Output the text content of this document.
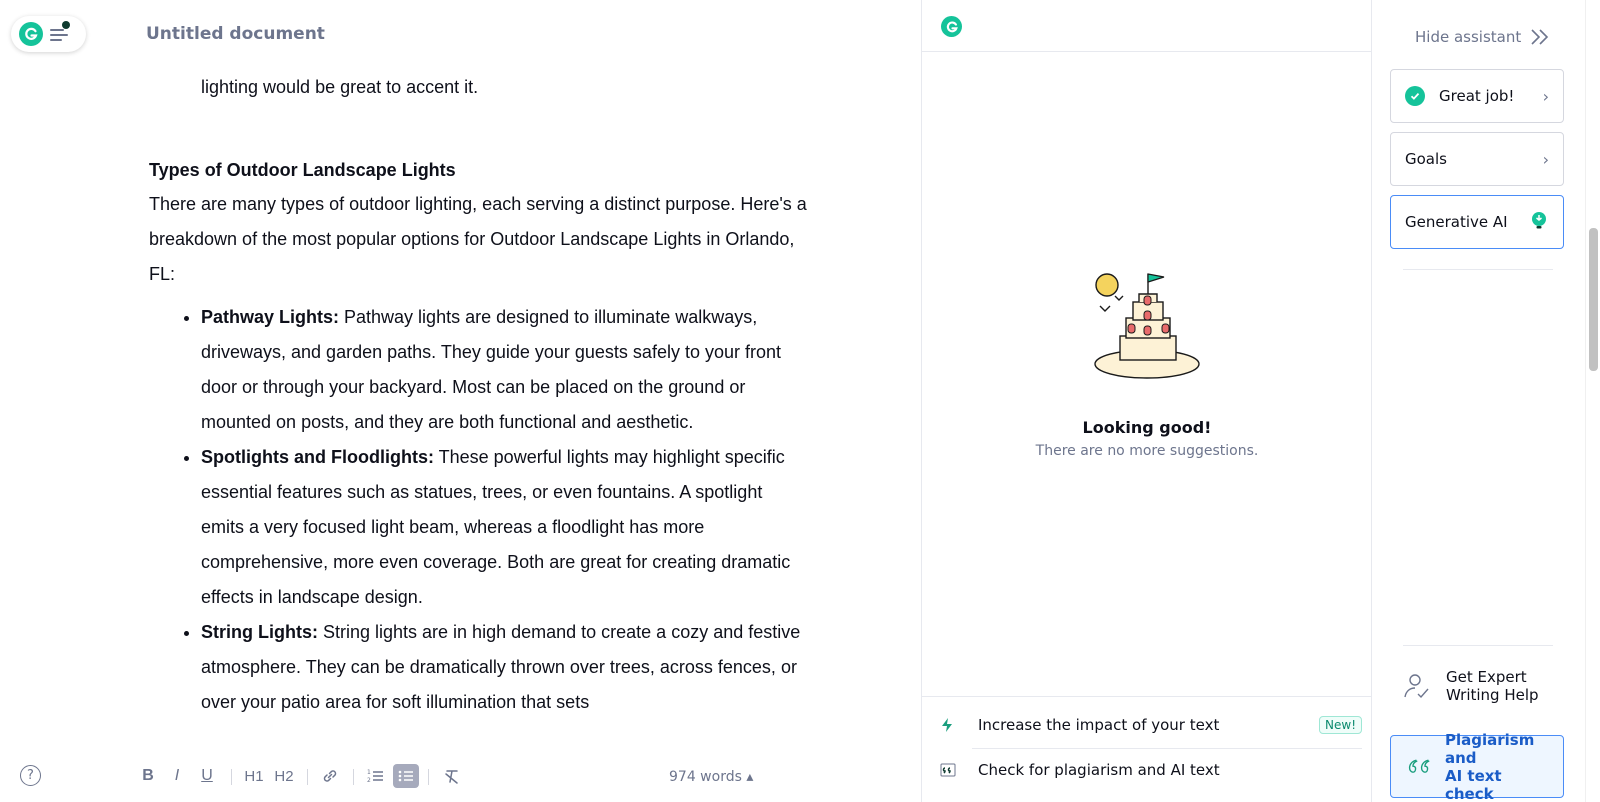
Untitled document

lighting would be great to accent it.

Types of Outdoor Landscape Lights

There are many types of outdoor lighting, each serving a distinct purpose. Here's a breakdown of the most popular options for Outdoor Landscape Lights in Orlando, FL:

• Pathway Lights: Pathway lights are designed to illuminate walkways, driveways, and garden paths. They guide your guests safely to your front door or through your backyard. Most can be placed on the ground or mounted on posts, and they are both functional and aesthetic.
• Spotlights and Floodlights: These powerful lights may highlight specific essential features such as statues, trees, or even fountains. A spotlight emits a very focused light beam, whereas a floodlight has more comprehensive, more even coverage. Both are great for creating dramatic effects in landscape design.
• String Lights: String lights are in high demand to create a cozy and festive atmosphere. They can be dramatically thrown over trees, across fences, or over your patio area for soft illumination that sets
?	B	I	U H1 H2	1
2	974 words ▴
Looking good!
There are no more suggestions.
Increase the impact of your text	New!
Check for plagiarism and AI text
Hide assistant
Great job! ›
Goals	›
Generative AI
Get Expert
Writing Help
Plagiarism and
AI text check
